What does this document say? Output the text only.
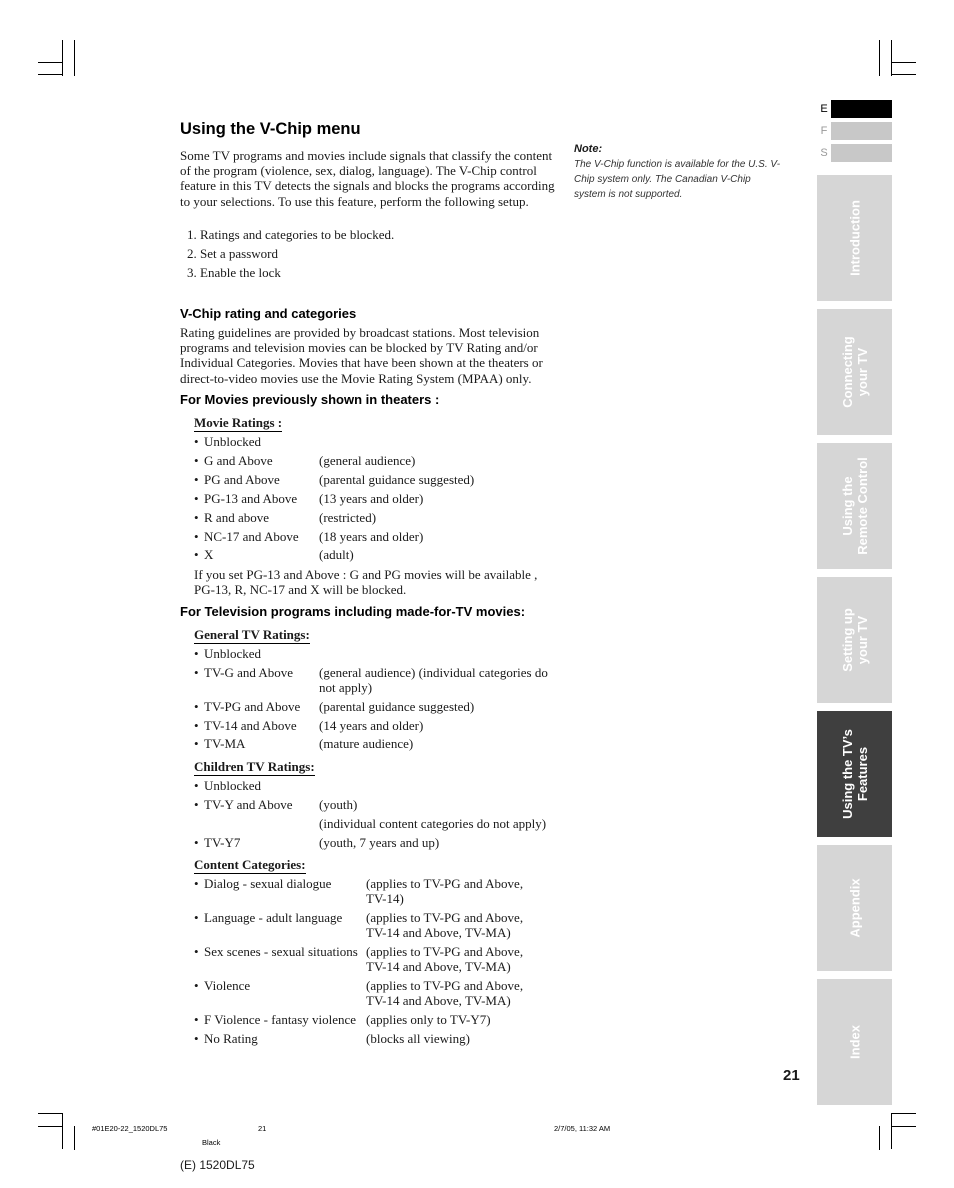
Using the V-Chip menu

Some TV programs and movies include signals that classify the content of the program (violence, sex, dialog, language). The V-Chip control feature in this TV detects the signals and blocks the programs according to your selections. To use this feature, perform the following setup.

1. Ratings and categories to be blocked.
2. Set a password
3. Enable the lock
V-Chip rating and categories

Rating guidelines are provided by broadcast stations. Most television programs and television movies can be blocked by TV Rating and/or Individual Categories. Movies that have been shown at the theaters or direct-to-video movies use the Movie Rating System (MPAA) only.

For Movies previously shown in theaters :
Movie Ratings :
• Unblocked
• G and Above	(general audience)
• PG and Above	(parental guidance suggested)
• PG-13 and Above (13 years and older)
• R and above	(restricted)
• NC-17 and Above (18 years and older)
• X	(adult)
If you set PG-13 and Above : G and PG movies will be available , PG-13, R, NC-17 and X will be blocked.
For Television programs including made-for-TV movies:
General TV Ratings:
• Unblocked
• TV-G and Above (general audience) (individual categories do not apply)
• TV-PG and Above (parental guidance suggested)
• TV-14 and Above (14 years and older)
• TV-MA	(mature audience)
Children TV Ratings:
• Unblocked
• TV-Y and Above (youth)
(individual content categories do not apply)
• TV-Y7	(youth, 7 years and up)
Content Categories:
• Dialog - sexual dialogue	(applies to TV-PG and Above, TV-14)
• Language - adult language (applies to TV-PG and Above, TV-14 and Above, TV-MA)
• Sex scenes - sexual situations (applies to TV-PG and Above, TV-14 and Above, TV-MA)
• Violence	(applies to TV-PG and Above, TV-14 and Above, TV-MA)
• F Violence - fantasy violence (applies only to TV-Y7)
• No Rating	(blocks all viewing)
Note:
The V-Chip function is available for the U.S. V-Chip system only. The Canadian V-Chip system is not supported.
E
F
S
Introduction
Connecting
your TV
Using the
Remote Control
Setting up
your TV
Using the TV’s
Features
Appendix
Index
21
#01E20-22_1520DL75	21	2/7/05, 11:32 AM
Black
(E) 1520DL75
